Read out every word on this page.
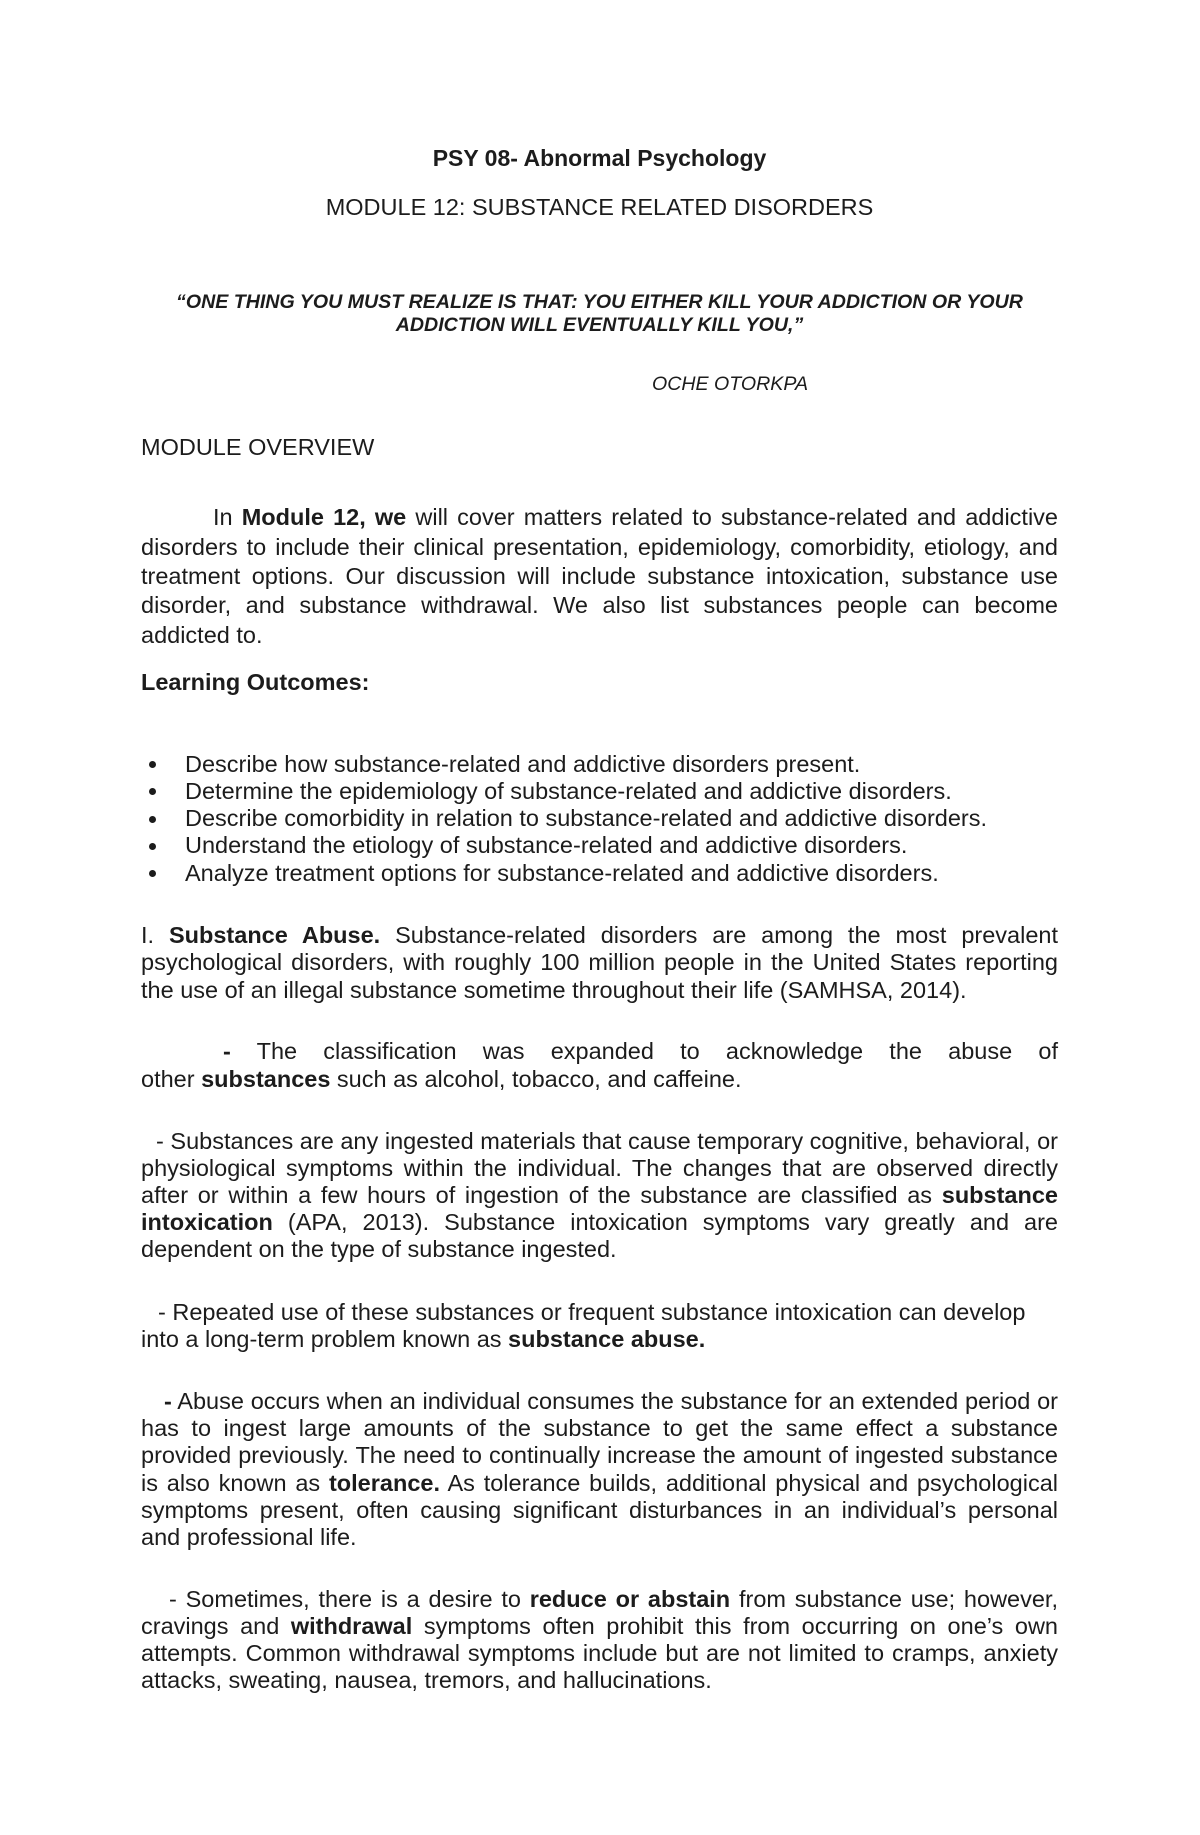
PSY 08- Abnormal Psychology
MODULE 12: SUBSTANCE RELATED DISORDERS
“ONE THING YOU MUST REALIZE IS THAT: YOU EITHER KILL YOUR ADDICTION OR YOUR
ADDICTION WILL EVENTUALLY KILL YOU,”
OCHE OTORKPA
MODULE OVERVIEW
In Module 12, we will cover matters related to substance-related and addictive
disorders to include their clinical presentation, epidemiology, comorbidity, etiology, and
treatment options. Our discussion will include substance intoxication, substance use
disorder, and substance withdrawal. We also list substances people can become
addicted to.
Learning Outcomes:
Describe how substance-related and addictive disorders present.
Determine the epidemiology of substance-related and addictive disorders.
Describe comorbidity in relation to substance-related and addictive disorders.
Understand the etiology of substance-related and addictive disorders.
Analyze treatment options for substance-related and addictive disorders.
I. Substance Abuse. Substance-related disorders are among the most prevalent
psychological disorders, with roughly 100 million people in the United States reporting
the use of an illegal substance sometime throughout their life (SAMHSA, 2014).
- The classification was expanded to acknowledge the abuse of
other substances such as alcohol, tobacco, and caffeine.
- Substances are any ingested materials that cause temporary cognitive, behavioral, or
physiological symptoms within the individual. The changes that are observed directly
after or within a few hours of ingestion of the substance are classified as substance
intoxication (APA, 2013). Substance intoxication symptoms vary greatly and are
dependent on the type of substance ingested.
- Repeated use of these substances or frequent substance intoxication can develop
into a long-term problem known as substance abuse.
- Abuse occurs when an individual consumes the substance for an extended period or
has to ingest large amounts of the substance to get the same effect a substance
provided previously. The need to continually increase the amount of ingested substance
is also known as tolerance. As tolerance builds, additional physical and psychological
symptoms present, often causing significant disturbances in an individual’s personal
and professional life.
- Sometimes, there is a desire to reduce or abstain from substance use; however,
cravings and withdrawal symptoms often prohibit this from occurring on one’s own
attempts. Common withdrawal symptoms include but are not limited to cramps, anxiety
attacks, sweating, nausea, tremors, and hallucinations.
